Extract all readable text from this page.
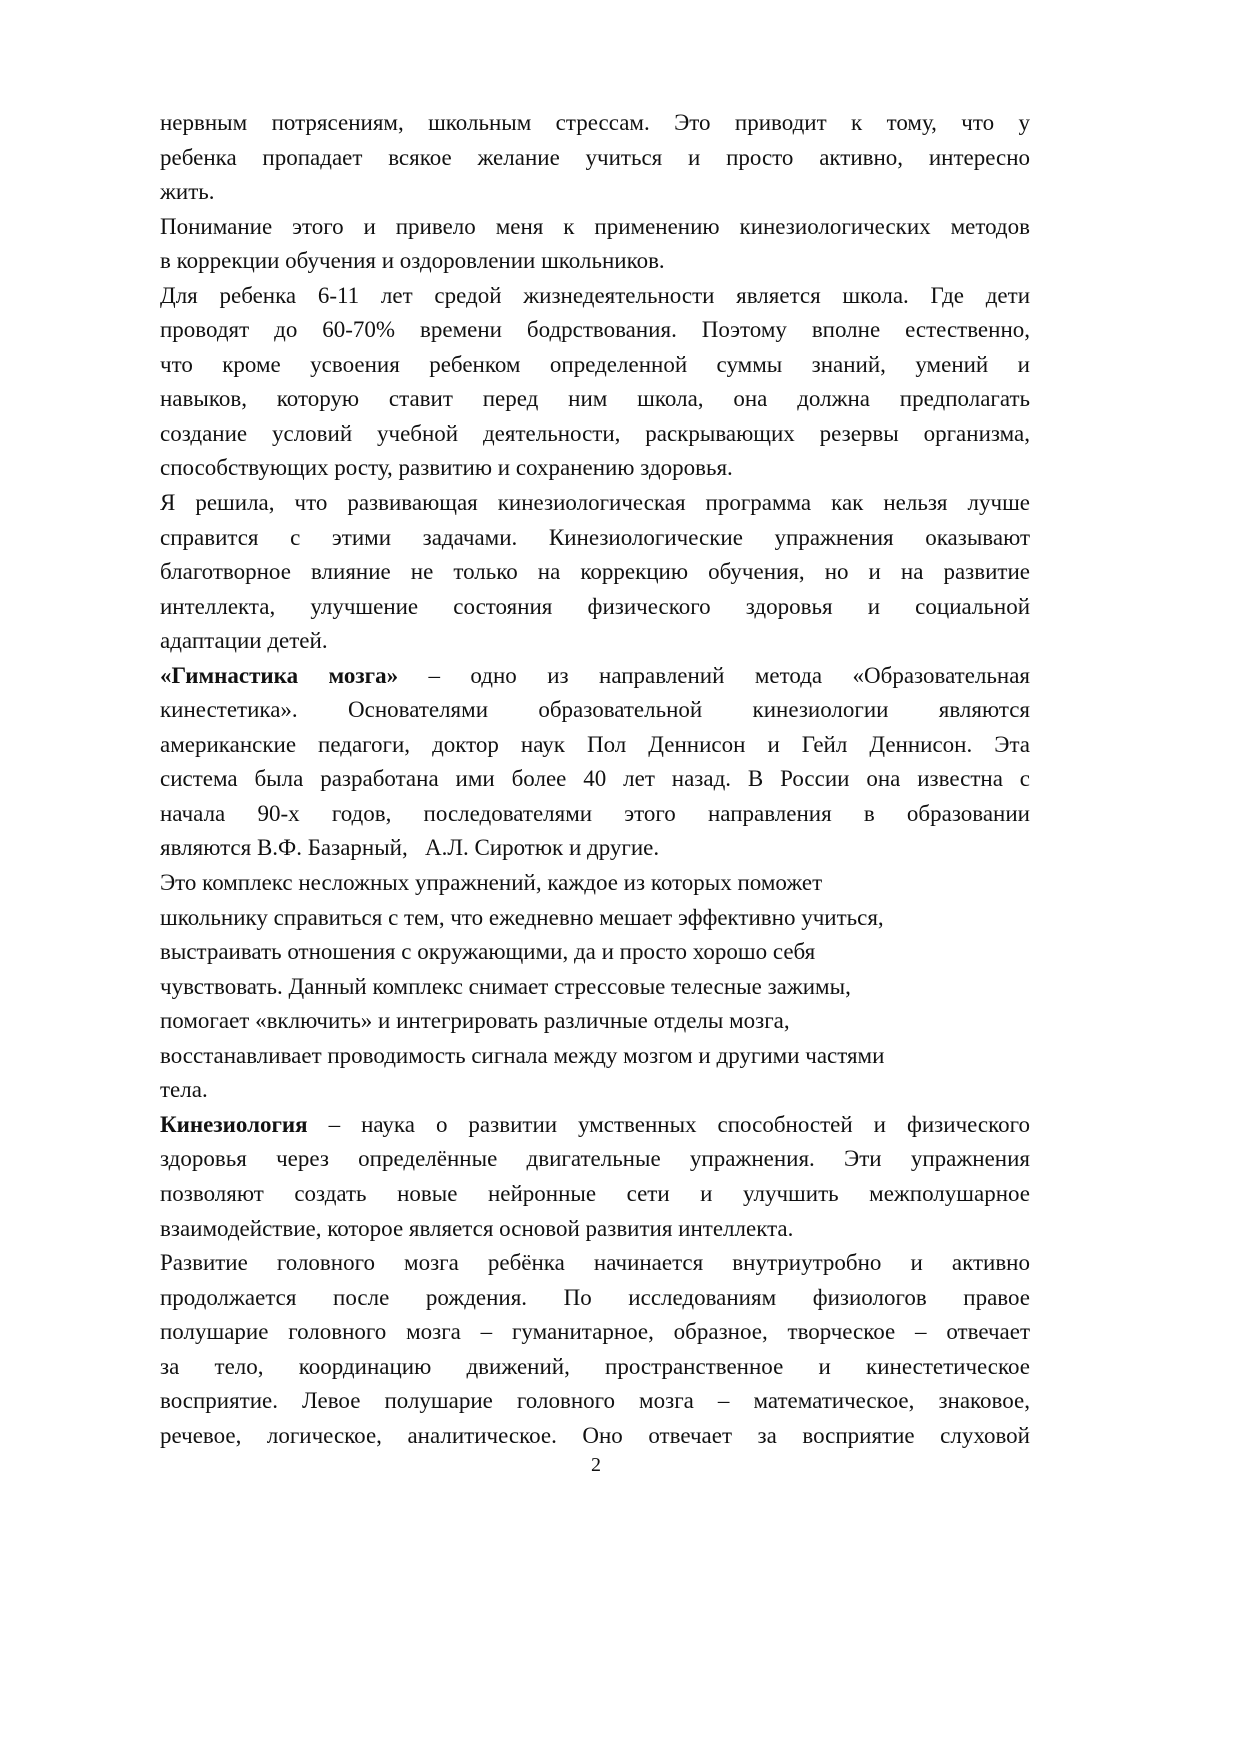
нервным потрясениям, школьным стрессам. Это приводит к тому, что у
ребенка пропадает всякое желание учиться и просто активно, интересно
жить.
Понимание этого и привело меня к применению кинезиологических методов
в коррекции обучения и оздоровлении школьников.
Для ребенка 6-11 лет средой жизнедеятельности является школа. Где дети
проводят до 60-70% времени бодрствования. Поэтому вполне естественно,
что кроме усвоения ребенком определенной суммы знаний, умений и
навыков, которую ставит перед ним школа, она должна предполагать
создание условий учебной деятельности, раскрывающих резервы организма,
способствующих росту, развитию и сохранению здоровья.
Я решила, что развивающая кинезиологическая программа как нельзя лучше
справится с этими задачами. Кинезиологические упражнения оказывают
благотворное влияние не только на коррекцию обучения, но и на развитие
интеллекта, улучшение состояния физического здоровья и социальной
адаптации детей.
«Гимнастика мозга» – одно из направлений метода «Образовательная
кинестетика». Основателями образовательной кинезиологии являются
американские педагоги, доктор наук Пол Деннисон и Гейл Деннисон. Эта
система была разработана ими более 40 лет назад. В России она известна с
начала 90-х годов, последователями этого направления в образовании
являются В.Ф. Базарный,   А.Л. Сиротюк и другие.
Это комплекс несложных упражнений, каждое из которых поможет
школьнику справиться с тем, что ежедневно мешает эффективно учиться,
выстраивать отношения с окружающими, да и просто хорошо себя
чувствовать. Данный комплекс снимает стрессовые телесные зажимы,
помогает «включить» и интегрировать различные отделы мозга,
восстанавливает проводимость сигнала между мозгом и другими частями
тела.
Кинезиология – наука о развитии умственных способностей и физического
здоровья через определённые двигательные упражнения. Эти упражнения
позволяют создать новые нейронные сети и улучшить межполушарное
взаимодействие, которое является основой развития интеллекта.
Развитие головного мозга ребёнка начинается внутриутробно и активно
продолжается после рождения. По исследованиям физиологов правое
полушарие головного мозга – гуманитарное, образное, творческое – отвечает
за тело, координацию движений, пространственное и кинестетическое
восприятие. Левое полушарие головного мозга – математическое, знаковое,
речевое, логическое, аналитическое. Оно отвечает за восприятие слуховой
2
